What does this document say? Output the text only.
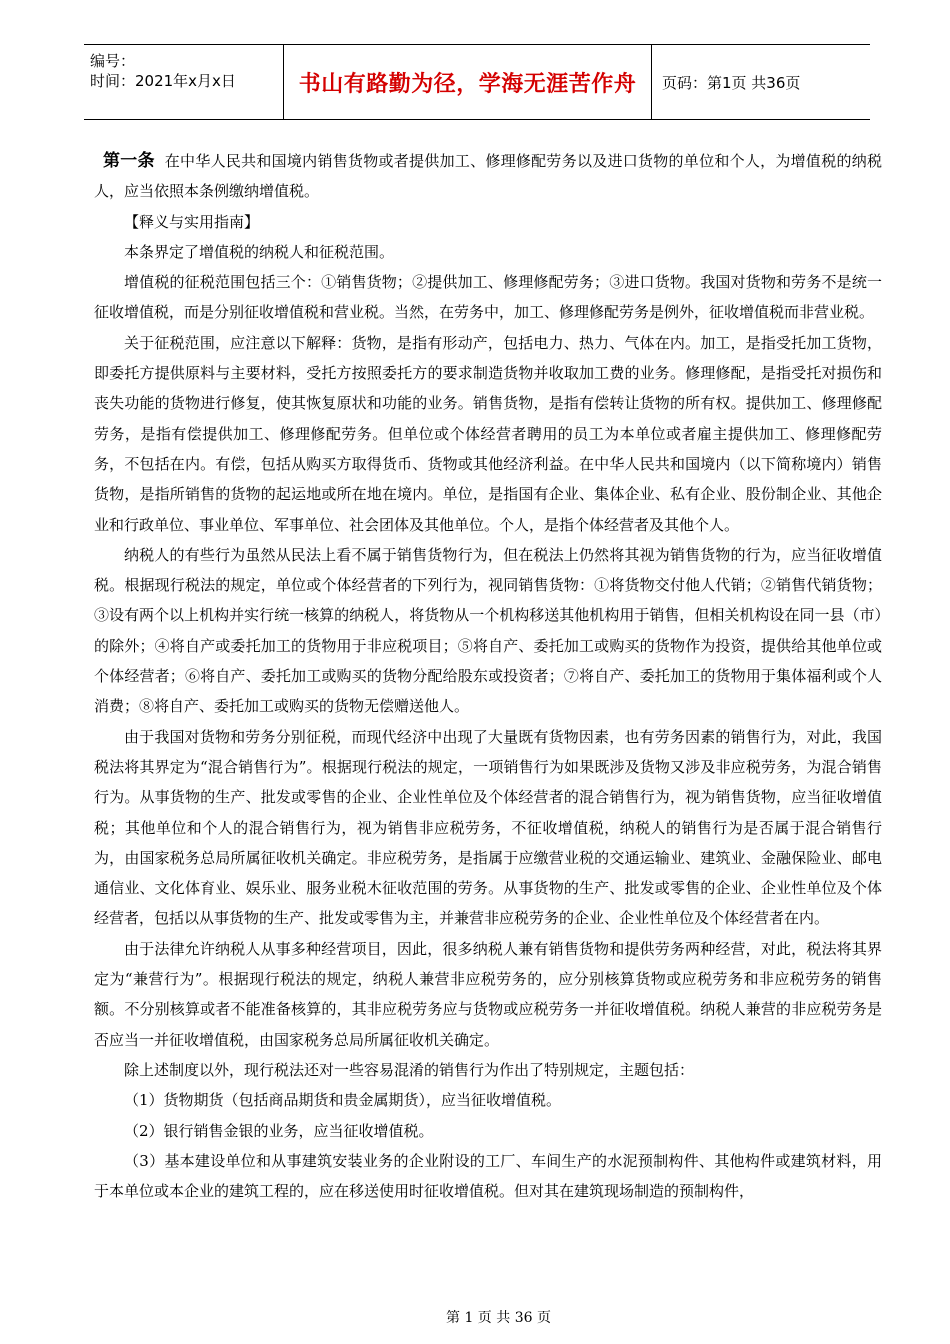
编号：
时间：2021年x月x日	书山有路勤为径，学海无涯苦作舟	页码：第1页 共36页

第一条 在中华人民共和国境内销售货物或者提供加工、修理修配劳务以及进口货物的单位和个人，为增值税的纳税人，应当依照本条例缴纳增值税。

【释义与实用指南】

本条界定了增值税的纳税人和征税范围。

增值税的征税范围包括三个：①销售货物；②提供加工、修理修配劳务；③进口货物。我国对货物和劳务不是统一征收增值税，而是分别征收增值税和营业税。当然，在劳务中，加工、修理修配劳务是例外，征收增值税而非营业税。

关于征税范围，应注意以下解释：货物，是指有形动产，包括电力、热力、气体在内。加工，是指受托加工货物，即委托方提供原料与主要材料，受托方按照委托方的要求制造货物并收取加工费的业务。修理修配，是指受托对损伤和丧失功能的货物进行修复，使其恢复原状和功能的业务。销售货物，是指有偿转让货物的所有权。提供加工、修理修配劳务，是指有偿提供加工、修理修配劳务。但单位或个体经营者聘用的员工为本单位或者雇主提供加工、修理修配劳务，不包括在内。有偿，包括从购买方取得货币、货物或其他经济利益。在中华人民共和国境内（以下简称境内）销售货物，是指所销售的货物的起运地或所在地在境内。单位，是指国有企业、集体企业、私有企业、股份制企业、其他企业和行政单位、事业单位、军事单位、社会团体及其他单位。个人，是指个体经营者及其他个人。

纳税人的有些行为虽然从民法上看不属于销售货物行为，但在税法上仍然将其视为销售货物的行为，应当征收增值税。根据现行税法的规定，单位或个体经营者的下列行为，视同销售货物：①将货物交付他人代销；②销售代销货物；③设有两个以上机构并实行统一核算的纳税人，将货物从一个机构移送其他机构用于销售，但相关机构设在同一县（市）的除外；④将自产或委托加工的货物用于非应税项目；⑤将自产、委托加工或购买的货物作为投资，提供给其他单位或个体经营者；⑥将自产、委托加工或购买的货物分配给股东或投资者；⑦将自产、委托加工的货物用于集体福利或个人消费；⑧将自产、委托加工或购买的货物无偿赠送他人。

由于我国对货物和劳务分别征税，而现代经济中出现了大量既有货物因素，也有劳务因素的销售行为，对此，我国税法将其界定为“混合销售行为”。根据现行税法的规定，一项销售行为如果既涉及货物又涉及非应税劳务，为混合销售行为。从事货物的生产、批发或零售的企业、企业性单位及个体经营者的混合销售行为，视为销售货物，应当征收增值税；其他单位和个人的混合销售行为，视为销售非应税劳务，不征收增值税，纳税人的销售行为是否属于混合销售行为，由国家税务总局所属征收机关确定。非应税劳务，是指属于应缴营业税的交通运输业、建筑业、金融保险业、邮电通信业、文化体育业、娱乐业、服务业税木征收范围的劳务。从事货物的生产、批发或零售的企业、企业性单位及个体经营者，包括以从事货物的生产、批发或零售为主，并兼营非应税劳务的企业、企业性单位及个体经营者在内。

由于法律允许纳税人从事多种经营项目，因此，很多纳税人兼有销售货物和提供劳务两种经营，对此，税法将其界定为“兼营行为”。根据现行税法的规定，纳税人兼营非应税劳务的，应分别核算货物或应税劳务和非应税劳务的销售额。不分别核算或者不能准备核算的，其非应税劳务应与货物或应税劳务一并征收增值税。纳税人兼营的非应税劳务是否应当一并征收增值税，由国家税务总局所属征收机关确定。

除上述制度以外，现行税法还对一些容易混淆的销售行为作出了特别规定，主题包括：

（1）货物期货（包括商品期货和贵金属期货），应当征收增值税。

（2）银行销售金银的业务，应当征收增值税。

（3）基本建设单位和从事建筑安装业务的企业附设的工厂、车间生产的水泥预制构件、其他构件或建筑材料，用于本单位或本企业的建筑工程的，应在移送使用时征收增值税。但对其在建筑现场制造的预制构件，

第 1 页 共 36 页
